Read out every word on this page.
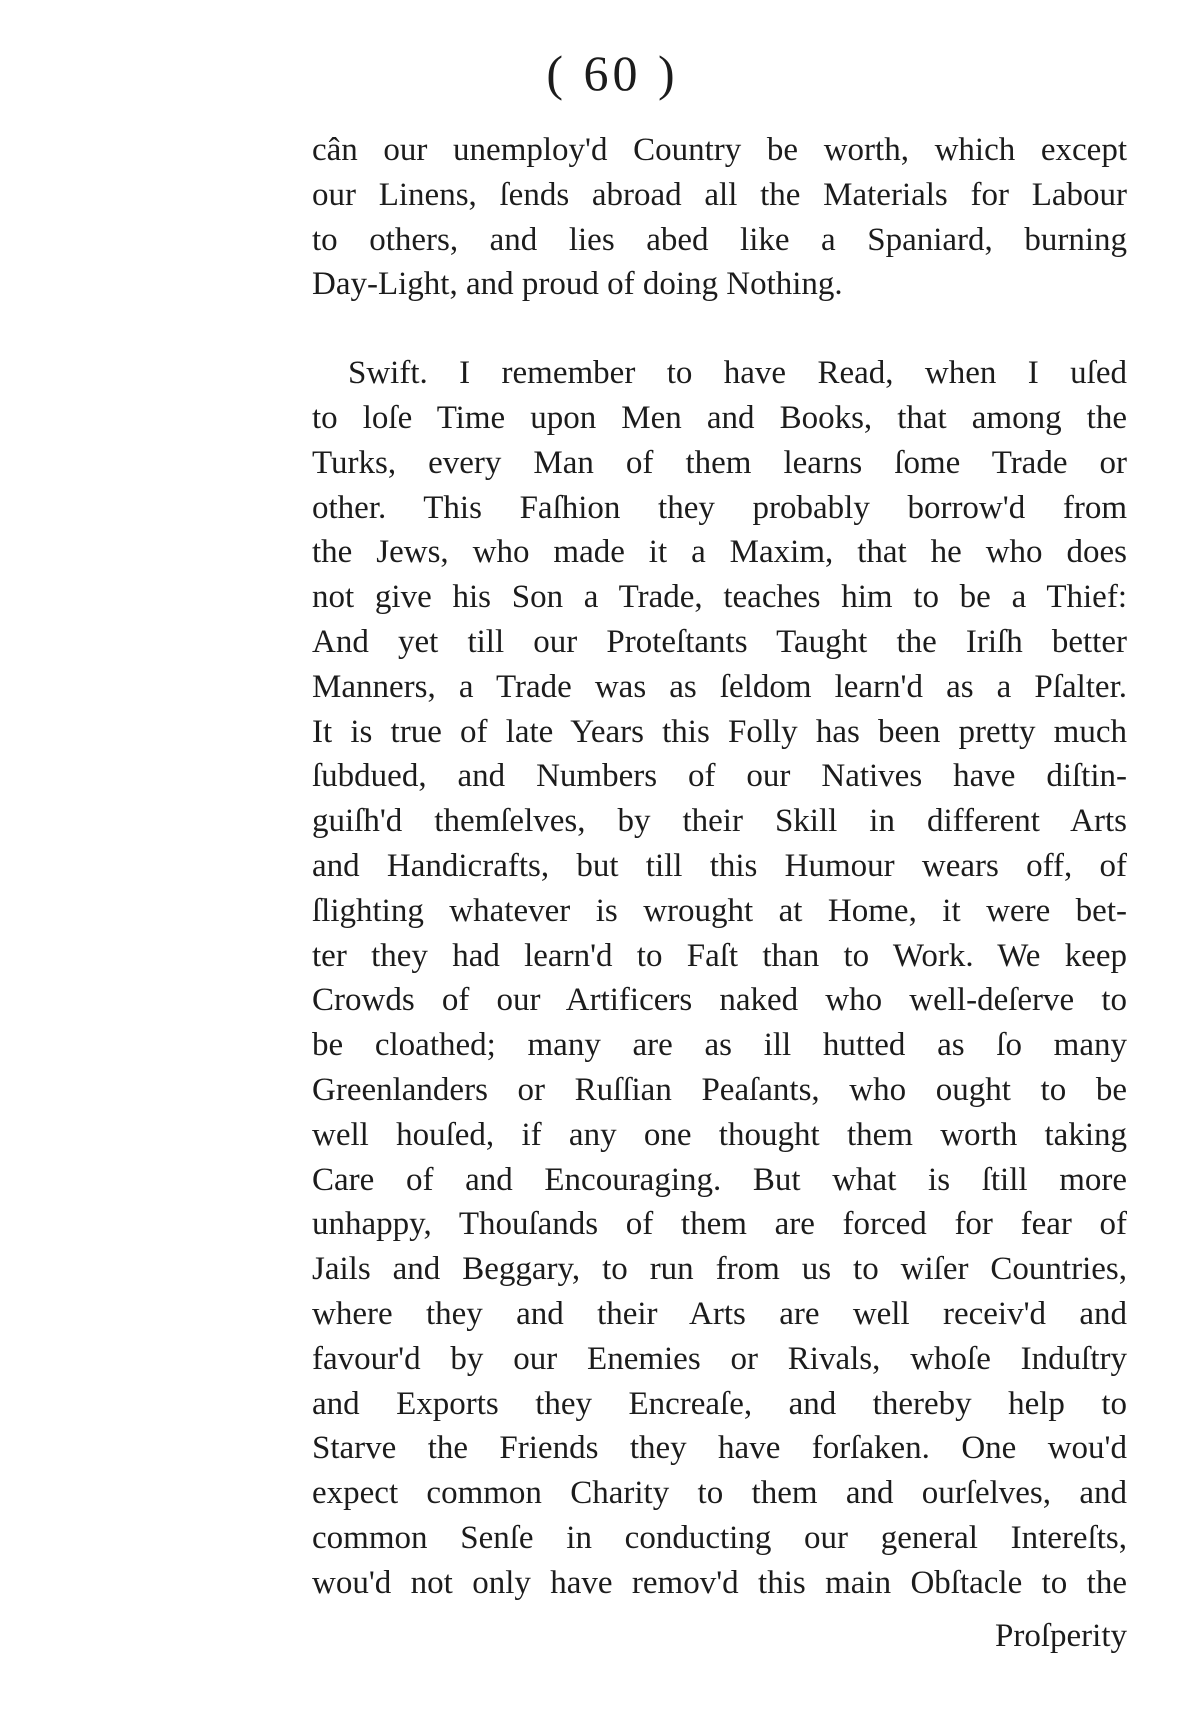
( 60 )
cân our unemploy'd Country be worth, which except
our Linens, ſends abroad all the Materials for Labour
to others, and lies abed like a Spaniard, burning
Day-Light, and proud of doing Nothing.
Swift. I remember to have Read, when I uſed
to loſe Time upon Men and Books, that among the
Turks, every Man of them learns ſome Trade or
other. This Faſhion they probably borrow'd from
the Jews, who made it a Maxim, that he who does
not give his Son a Trade, teaches him to be a Thief:
And yet till our Proteſtants Taught the Iriſh better
Manners, a Trade was as ſeldom learn'd as a Pſalter.
It is true of late Years this Folly has been pretty much
ſubdued, and Numbers of our Natives have diſtin-
guiſh'd themſelves, by their Skill in different Arts
and Handicrafts, but till this Humour wears off, of
ſlighting whatever is wrought at Home, it were bet-
ter they had learn'd to Faſt than to Work. We keep
Crowds of our Artificers naked who well-deſerve to
be cloathed; many are as ill hutted as ſo many
Greenlanders or Ruſſian Peaſants, who ought to be
well houſed, if any one thought them worth taking
Care of and Encouraging. But what is ſtill more
unhappy, Thouſands of them are forced for fear of
Jails and Beggary, to run from us to wiſer Countries,
where they and their Arts are well receiv'd and
favour'd by our Enemies or Rivals, whoſe Induſtry
and Exports they Encreaſe, and thereby help to
Starve the Friends they have forſaken. One wou'd
expect common Charity to them and ourſelves, and
common Senſe in conducting our general Intereſts,
wou'd not only have remov'd this main Obſtacle to the
Proſperity
